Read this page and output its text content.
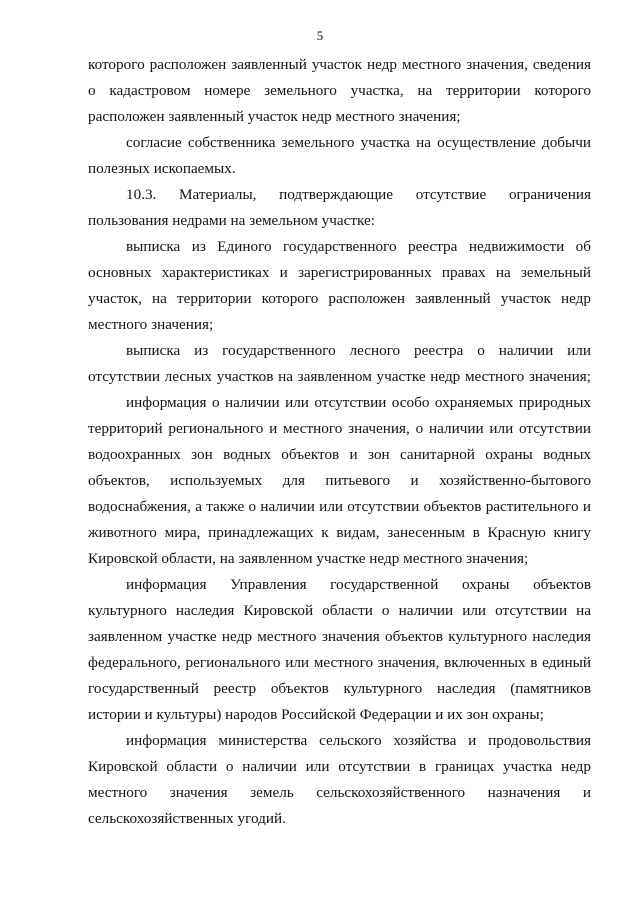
5
которого расположен заявленный участок недр местного значения, сведения
о кадастровом номере земельного участка, на территории которого
расположен заявленный участок недр местного значения;
согласие собственника земельного участка на осуществление добычи
полезных ископаемых.
10.3. Материалы, подтверждающие отсутствие ограничения
пользования недрами на земельном участке:
выписка из Единого государственного реестра недвижимости об
основных характеристиках и зарегистрированных правах на земельный
участок, на территории которого расположен заявленный участок недр
местного значения;
выписка из государственного лесного реестра о наличии или
отсутствии лесных участков на заявленном участке недр местного значения;
информация о наличии или отсутствии особо охраняемых природных
территорий регионального и местного значения, о наличии или отсутствии
водоохранных зон водных объектов и зон санитарной охраны водных
объектов, используемых для питьевого и хозяйственно-бытового
водоснабжения, а также о наличии или отсутствии объектов растительного и
животного мира, принадлежащих к видам, занесенным в Красную книгу
Кировской области, на заявленном участке недр местного значения;
информация Управления государственной охраны объектов
культурного наследия Кировской области о наличии или отсутствии на
заявленном участке недр местного значения объектов культурного наследия
федерального, регионального или местного значения, включенных в единый
государственный реестр объектов культурного наследия (памятников
истории и культуры) народов Российской Федерации и их зон охраны;
информация министерства сельского хозяйства и продовольствия
Кировской области о наличии или отсутствии в границах участка недр
местного значения земель сельскохозяйственного назначения и
сельскохозяйственных угодий.
